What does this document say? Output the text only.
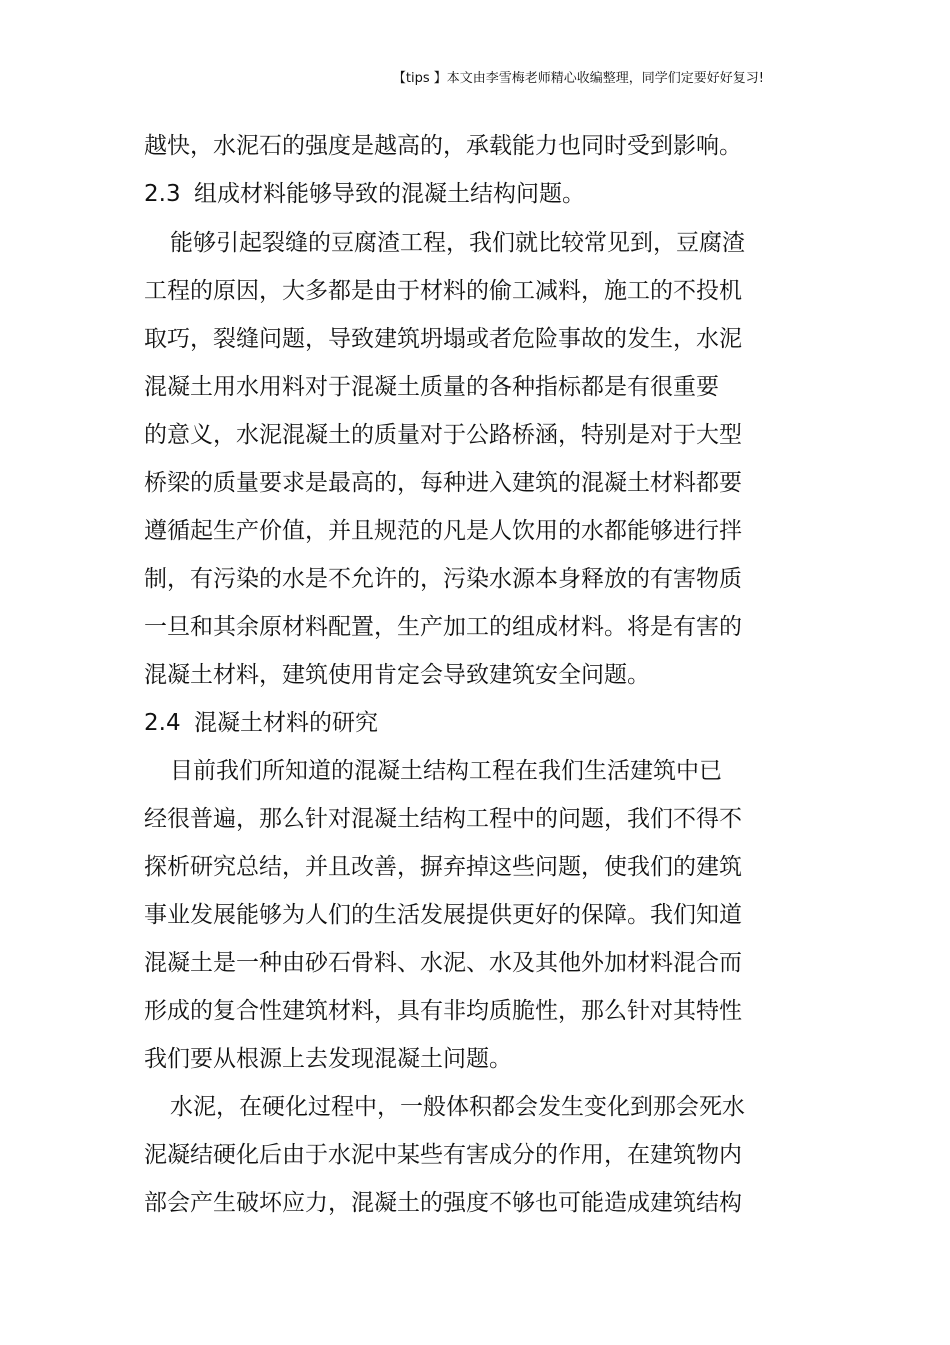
【tips 】本文由李雪梅老师精心收编整理，同学们定要好好复习!
越快，水泥石的强度是越高的，承载能力也同时受到影响。
2.3 组成材料能够导致的混凝土结构问题。
能够引起裂缝的豆腐渣工程，我们就比较常见到，豆腐渣
工程的原因，大多都是由于材料的偷工减料，施工的不投机
取巧，裂缝问题，导致建筑坍塌或者危险事故的发生，水泥
混凝土用水用料对于混凝土质量的各种指标都是有很重要
的意义，水泥混凝土的质量对于公路桥涵，特别是对于大型
桥梁的质量要求是最高的，每种进入建筑的混凝土材料都要
遵循起生产价值，并且规范的凡是人饮用的水都能够进行拌
制，有污染的水是不允许的，污染水源本身释放的有害物质
一旦和其余原材料配置，生产加工的组成材料。将是有害的
混凝土材料，建筑使用肯定会导致建筑安全问题。
2.4 混凝土材料的研究
目前我们所知道的混凝土结构工程在我们生活建筑中已
经很普遍，那么针对混凝土结构工程中的问题，我们不得不
探析研究总结，并且改善，摒弃掉这些问题，使我们的建筑
事业发展能够为人们的生活发展提供更好的保障。我们知道
混凝土是一种由砂石骨料、水泥、水及其他外加材料混合而
形成的复合性建筑材料，具有非均质脆性，那么针对其特性
我们要从根源上去发现混凝土问题。
水泥，在硬化过程中，一般体积都会发生变化到那会死水
泥凝结硬化后由于水泥中某些有害成分的作用，在建筑物内
部会产生破坏应力，混凝土的强度不够也可能造成建筑结构
